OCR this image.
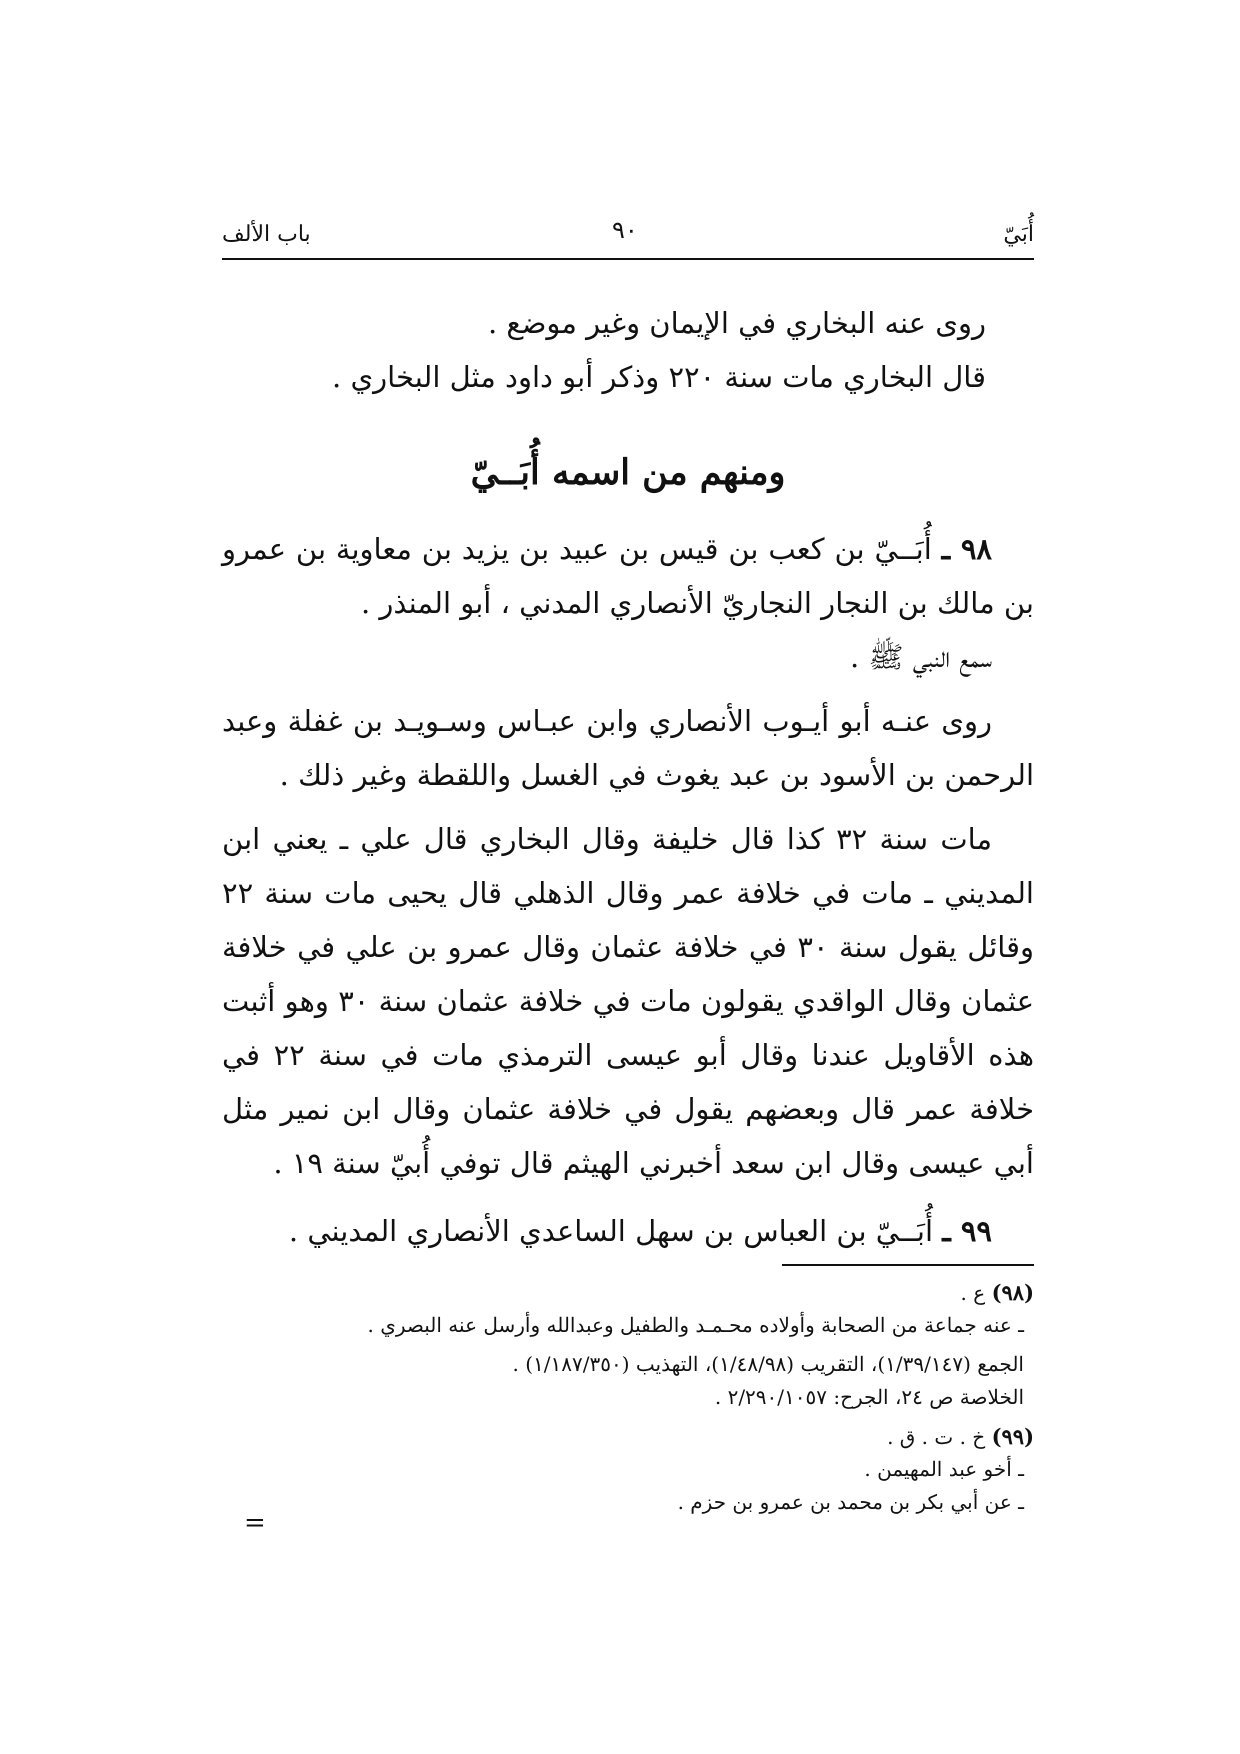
أُبَيّ
٩٠
باب الألف

روى عنه البخاري في الإيمان وغير موضع .

قال البخاري مات سنة ٢٢٠ وذكر أبو داود مثل البخاري .

ومنهم من اسمه أُبَــيّ

٩٨ ـ أُبَــيّ بن كعب بن قيس بن عبيد بن يزيد بن معاوية بن عمرو بن مالك بن النجار النجاريّ الأنصاري المدني ، أبو المنذر .

سمع النبي ﷺ .

روى عنـه أبو أيـوب الأنصاري وابن عبـاس وسـويـد بن غفلة وعبد الرحمن بن الأسود بن عبد يغوث في الغسل واللقطة وغير ذلك .

مات سنة ٣٢ كذا قال خليفة وقال البخاري قال علي ـ يعني ابن المديني ـ مات في خلافة عمر وقال الذهلي قال يحيى مات سنة ٢٢ وقائل يقول سنة ٣٠ في خلافة عثمان وقال عمرو بن علي في خلافة عثمان وقال الواقدي يقولون مات في خلافة عثمان سنة ٣٠ وهو أثبت هذه الأقاويل عندنا وقال أبو عيسى الترمذي مات في سنة ٢٢ في خلافة عمر قال وبعضهم يقول في خلافة عثمان وقال ابن نمير مثل أبي عيسى وقال ابن سعد أخبرني الهيثم قال توفي أُبيّ سنة ١٩ .

٩٩ ـ أُبَــيّ بن العباس بن سهل الساعدي الأنصاري المديني .

(٩٨) ع .

ـ عنه جماعة من الصحابة وأولاده محـمـد والطفيل وعبدالله وأرسل عنه البصري .

الجمع (١/٣٩/١٤٧)، التقريب (١/٤٨/٩٨)، التهذيب (١/١٨٧/٣٥٠) .

الخلاصة ص ٢٤، الجرح: ٢/٢٩٠/١٠٥٧ .

(٩٩) خ . ت . ق .

ـ أخو عبد المهيمن .

ـ عن أبي بكر بن محمد بن عمرو بن حزم .

=
